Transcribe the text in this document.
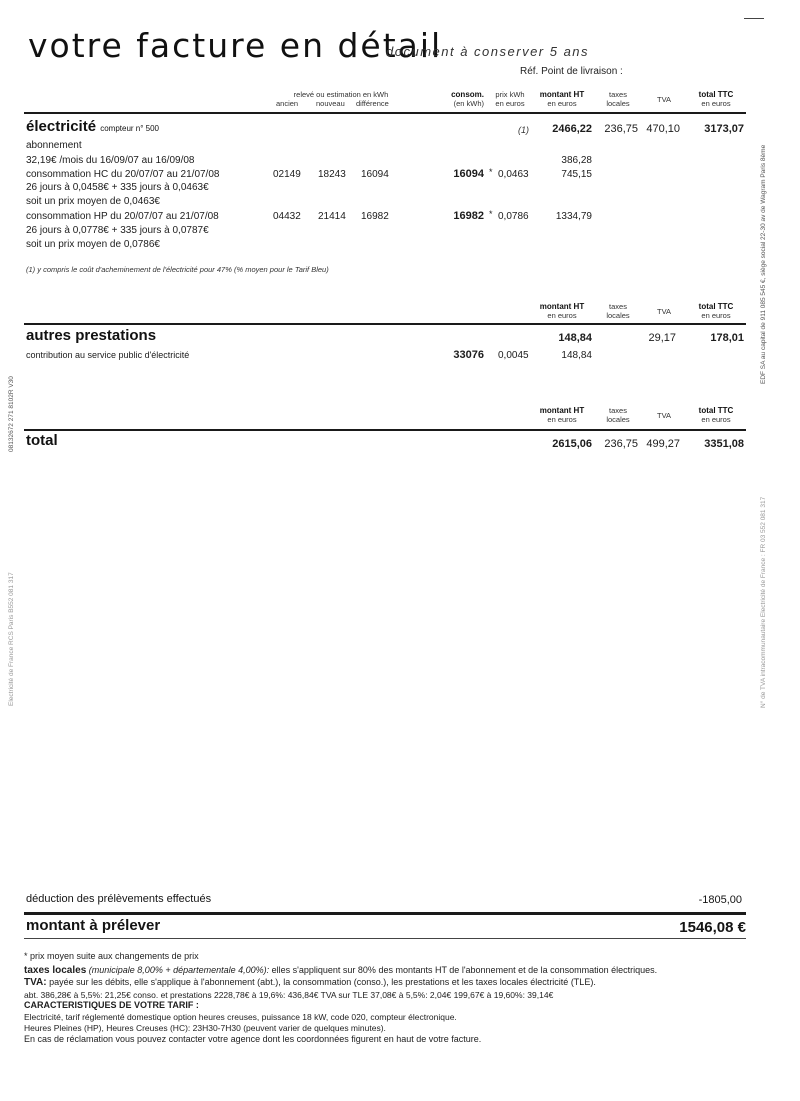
votre facture en détail
document à conserver 5 ans
Réf. Point de livraison :
relevé ou estimation en kWh
ancien nouveau différence
consom.
(en kWh)
prix kWh
en euros
montant HT
en euros
taxes
locales	TVA
total TTC
en euros
électricité compteur n° 500	(1)	2466,22	236,75 470,10	3173,07
abonnement
32,19€ /mois du 16/09/07 au 16/09/08	386,28
consommation HC du 20/07/07 au 21/07/08	02149 18243 16094	16094 * 0,0463	745,15
26 jours à 0,0458€ + 335 jours à 0,0463€
soit un prix moyen de 0,0463€
consommation HP du 20/07/07 au 21/07/08	04432 21414 16982	16982 * 0,0786	1334,79
26 jours à 0,0778€ + 335 jours à 0,0787€
soit un prix moyen de 0,0786€
(1) y compris le coût d'acheminement de l'électricité pour 47% (% moyen pour le Tarif Bleu)
montant HT
en euros
taxes
locales	TVA
total TTC
en euros
autres prestations	148,84	29,17	178,01
contribution au service public d'électricité	33076 0,0045	148,84
montant HT
en euros
taxes
locales	TVA
total TTC
en euros
total	2615,06	236,75 499,27	3351,08
EDF SA au capital de 911 085 545 €, siège social 22-30 av de Wagram Paris 8ème
N° de TVA intracommunautaire Electricité de France : FR 03 552 081 317
08132672 271 8102R V30
Electricité de France RCS Paris B552 081 317
déduction des prélèvements effectués	-1805,00
montant à prélever	1546,08 €
* prix moyen suite aux changements de prix
taxes locales (municipale 8,00% + départementale 4,00%): elles s'appliquent sur 80% des montants HT de l'abonnement et de la consommation électriques.
TVA: payée sur les débits, elle s'applique à l'abonnement (abt.), la consommation (conso.), les prestations et les taxes locales électricité (TLE).
abt. 386,28€ à 5,5%: 21,25€ conso. et prestations 2228,78€ à 19,6%: 436,84€ TVA sur TLE 37,08€ à 5,5%: 2,04€ 199,67€ à 19,60%: 39,14€
CARACTERISTIQUES DE VOTRE TARIF :
Electricité, tarif réglementé domestique option heures creuses, puissance 18 kW, code 020, compteur électronique.
Heures Pleines (HP), Heures Creuses (HC): 23H30-7H30 (peuvent varier de quelques minutes).
En cas de réclamation vous pouvez contacter votre agence dont les coordonnées figurent en haut de votre facture.
